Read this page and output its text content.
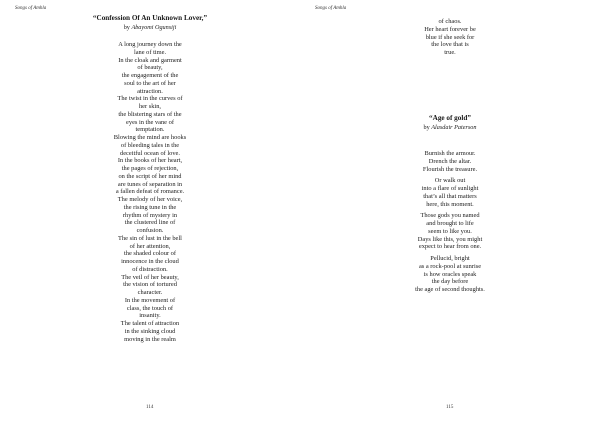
Songs of Amhla

“Confession Of An Unknown Lover,”

by Abayomi Ogunsiji

A long journey down the
lane of time.
In the cloak and garment
of beauty,
the engagement of the
soul to the art of her
attraction.
The twist in the curves of
her skin,
the blistering stars of the
eyes in the vane of
temptation.
Blowing the mind are hooks
of bleeding tales in the
deceitful ocean of love.
In the books of her heart,
the pages of rejection,
on the script of her mind
are tunes of separation in
a fallen defeat of romance.
The melody of her voice,
the rising tune in the
rhythm of mystery in
the clustered line of
confusion.
The sin of lust in the bell
of her attention,
the shaded colour of
innocence in the cloud
of distraction.
The veil of her beauty,
the vision of tortured
character.
In the movement of
class, the touch of
insanity.
The talent of attraction
in the sinking cloud
moving in the realm
114
Songs of Amhla
of chaos.
Her heart forever be
blue if she seek for
the love that is
true.

“Age of gold”

by Alasdair Paterson

Burnish the armour.
Drench the altar.
Flourish the treasure.
Or walk out
into a flare of sunlight
that’s all that matters
here, this moment.
Those gods you named
and brought to life
seem to like you.
Days like this, you might
expect to hear from one.
Pellucid, bright
as a rock-pool at sunrise
is how oracles speak
the day before
the age of second thoughts.
115
